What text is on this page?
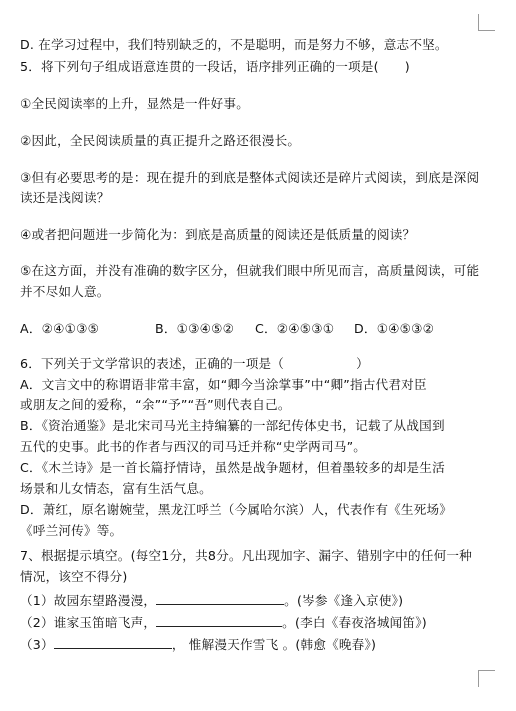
D. 在学习过程中，我们特别缺乏的，不是聪明，而是努力不够，意志不坚。
5．将下列句子组成语意连贯的一段话，语序排列正确的一项是( )
①全民阅读率的上升，显然是一件好事。
②因此，全民阅读质量的真正提升之路还很漫长。
③但有必要思考的是：现在提升的到底是整体式阅读还是碎片式阅读，到底是深阅
读还是浅阅读？
④或者把问题进一步简化为：到底是高质量的阅读还是低质量的阅读？
⑤在这方面，并没有准确的数字区分，但就我们眼中所见而言，高质量阅读，可能
并不尽如人意。
A．②④①③⑤	B．①③④⑤② C．②④⑤③① D．①④⑤③②
6．下列关于文学常识的表述，正确的一项是（	）
A．文言文中的称谓语非常丰富，如“卿今当涂掌事”中“卿”指古代君对臣
或朋友之间的爱称，“余”“予”“吾”则代表自己。
B．《资治通鉴》是北宋司马光主持编纂的一部纪传体史书，记载了从战国到
五代的史事。此书的作者与西汉的司马迁并称“史学两司马”。
C．《木兰诗》是一首长篇抒情诗，虽然是战争题材，但着墨较多的却是生活
场景和儿女情态，富有生活气息。
D．萧红，原名谢婉莹，黑龙江呼兰（今属哈尔滨）人，代表作有《生死场》
《呼兰河传》等。
7、根据提示填空。(每空1分，共8分。凡出现加字、漏字、错别字中的任何一种
情况，该空不得分)
（1）故园东望路漫漫，	。(岑参《逢入京使》)
（2）谁家玉笛暗飞声，	。(李白《春夜洛城闻笛》)
（3）	， 惟解漫天作雪飞 。(韩愈《晚春》)
